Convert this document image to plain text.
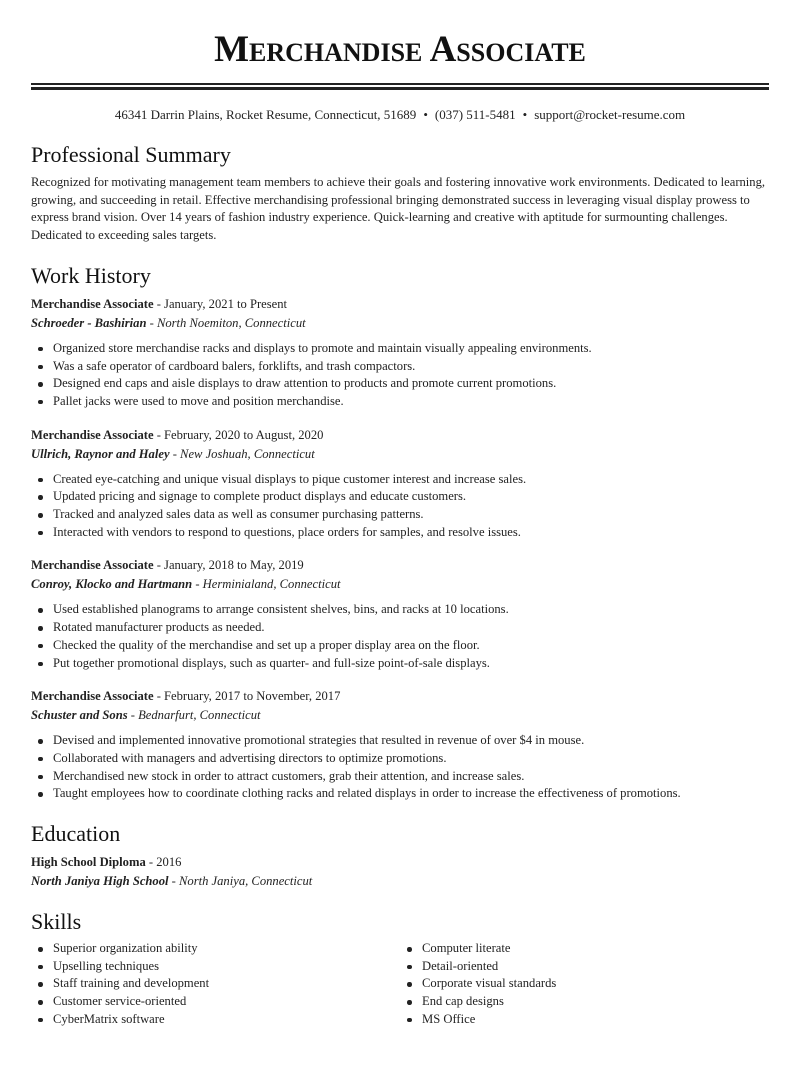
Merchandise Associate
46341 Darrin Plains, Rocket Resume, Connecticut, 51689 • (037) 511-5481 • support@rocket-resume.com
Professional Summary

Recognized for motivating management team members to achieve their goals and fostering innovative work environments. Dedicated to learning, growing, and succeeding in retail. Effective merchandising professional bringing demonstrated success in leveraging visual display prowess to express brand vision. Over 14 years of fashion industry experience. Quick-learning and creative with aptitude for surmounting challenges. Dedicated to exceeding sales targets.

Work History
Merchandise Associate - January, 2021 to Present
Schroeder - Bashirian - North Noemiton, Connecticut
Organized store merchandise racks and displays to promote and maintain visually appealing environments.
Was a safe operator of cardboard balers, forklifts, and trash compactors.
Designed end caps and aisle displays to draw attention to products and promote current promotions.
Pallet jacks were used to move and position merchandise.
Merchandise Associate - February, 2020 to August, 2020
Ullrich, Raynor and Haley - New Joshuah, Connecticut
Created eye-catching and unique visual displays to pique customer interest and increase sales.
Updated pricing and signage to complete product displays and educate customers.
Tracked and analyzed sales data as well as consumer purchasing patterns.
Interacted with vendors to respond to questions, place orders for samples, and resolve issues.
Merchandise Associate - January, 2018 to May, 2019
Conroy, Klocko and Hartmann - Herminialand, Connecticut
Used established planograms to arrange consistent shelves, bins, and racks at 10 locations.
Rotated manufacturer products as needed.
Checked the quality of the merchandise and set up a proper display area on the floor.
Put together promotional displays, such as quarter- and full-size point-of-sale displays.
Merchandise Associate - February, 2017 to November, 2017
Schuster and Sons - Bednarfurt, Connecticut
Devised and implemented innovative promotional strategies that resulted in revenue of over $4 in mouse.
Collaborated with managers and advertising directors to optimize promotions.
Merchandised new stock in order to attract customers, grab their attention, and increase sales.
Taught employees how to coordinate clothing racks and related displays in order to increase the effectiveness of promotions.
Education
High School Diploma - 2016
North Janiya High School - North Janiya, Connecticut
Skills
Superior organization ability
Upselling techniques
Staff training and development
Customer service-oriented
CyberMatrix software
Computer literate
Detail-oriented
Corporate visual standards
End cap designs
MS Office
